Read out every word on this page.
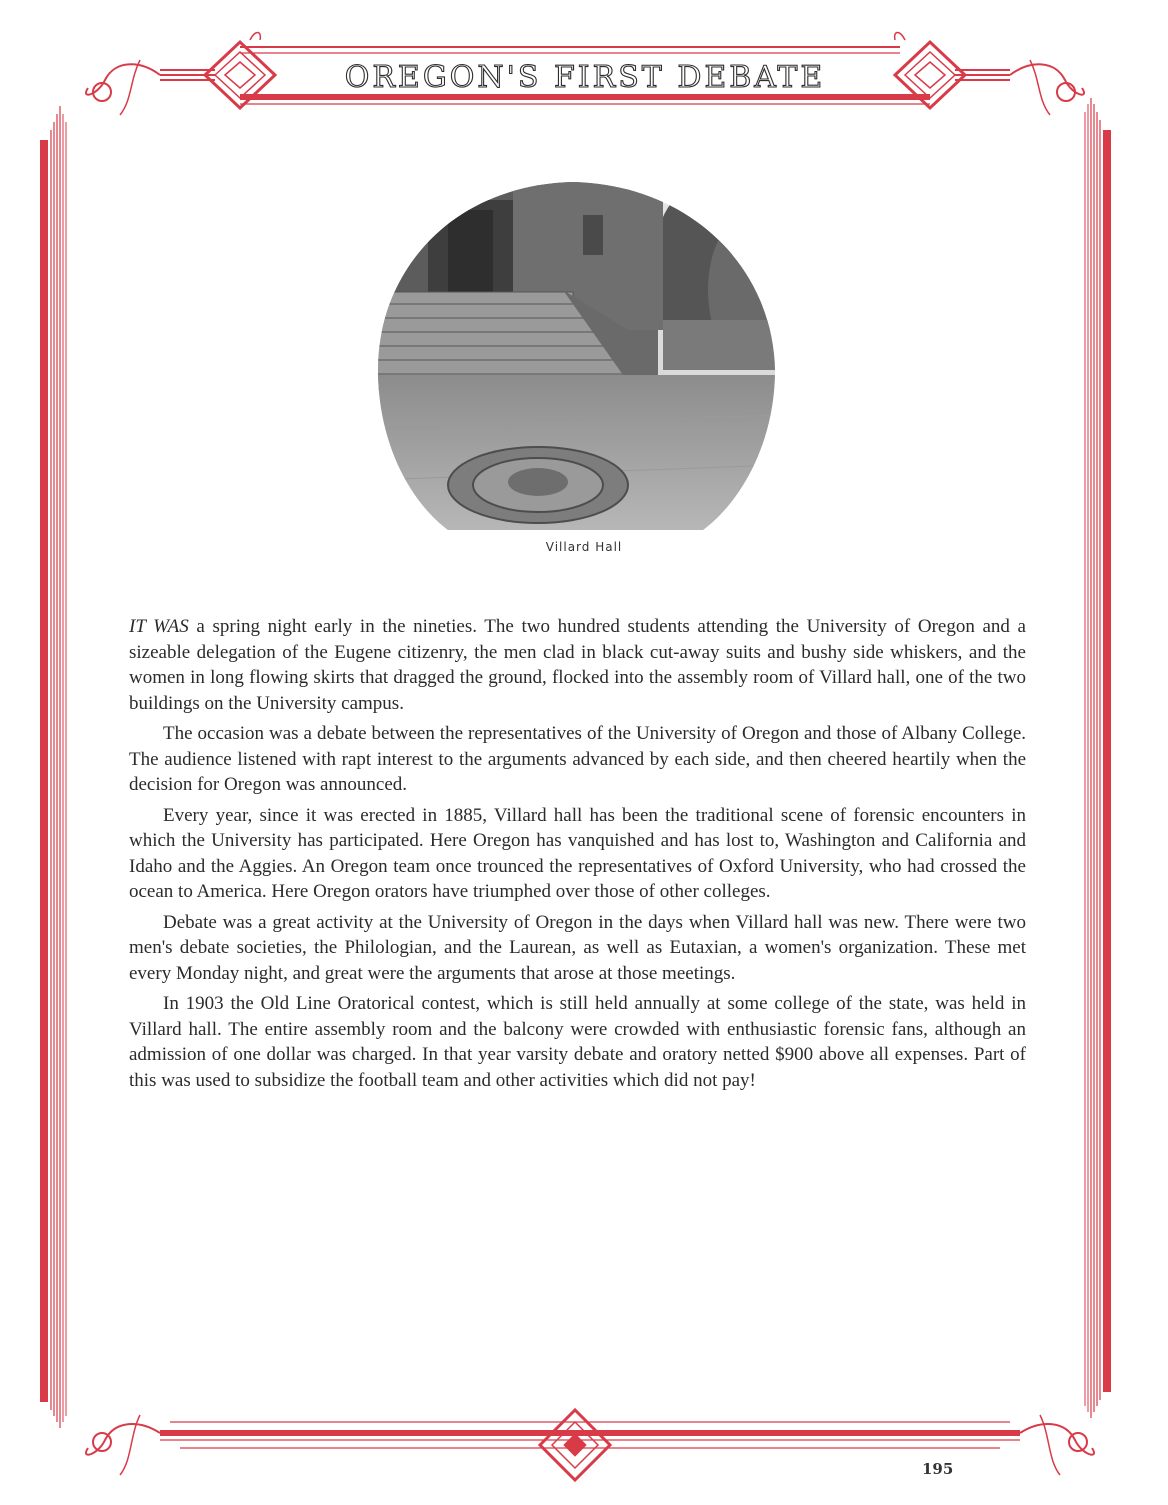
OREGON'S FIRST DEBATE
Villard Hall

IT WAS a spring night early in the nineties. The two hundred students attending the University of Oregon and a sizeable delegation of the Eugene citizenry, the men clad in black cut-away suits and bushy side whiskers, and the women in long flowing skirts that dragged the ground, flocked into the assembly room of Villard hall, one of the two buildings on the University campus.

The occasion was a debate between the representatives of the University of Oregon and those of Albany College. The audience listened with rapt interest to the arguments advanced by each side, and then cheered heartily when the decision for Oregon was announced.

Every year, since it was erected in 1885, Villard hall has been the traditional scene of forensic encounters in which the University has participated. Here Oregon has vanquished and has lost to, Washington and California and Idaho and the Aggies. An Oregon team once trounced the representatives of Oxford University, who had crossed the ocean to America. Here Oregon orators have triumphed over those of other colleges.

Debate was a great activity at the University of Oregon in the days when Villard hall was new. There were two men's debate societies, the Philologian, and the Laurean, as well as Eutaxian, a women's organization. These met every Monday night, and great were the arguments that arose at those meetings.

In 1903 the Old Line Oratorical contest, which is still held annually at some college of the state, was held in Villard hall. The entire assembly room and the balcony were crowded with enthusiastic forensic fans, although an admission of one dollar was charged. In that year varsity debate and oratory netted $900 above all expenses. Part of this was used to subsidize the football team and other activities which did not pay!

195
